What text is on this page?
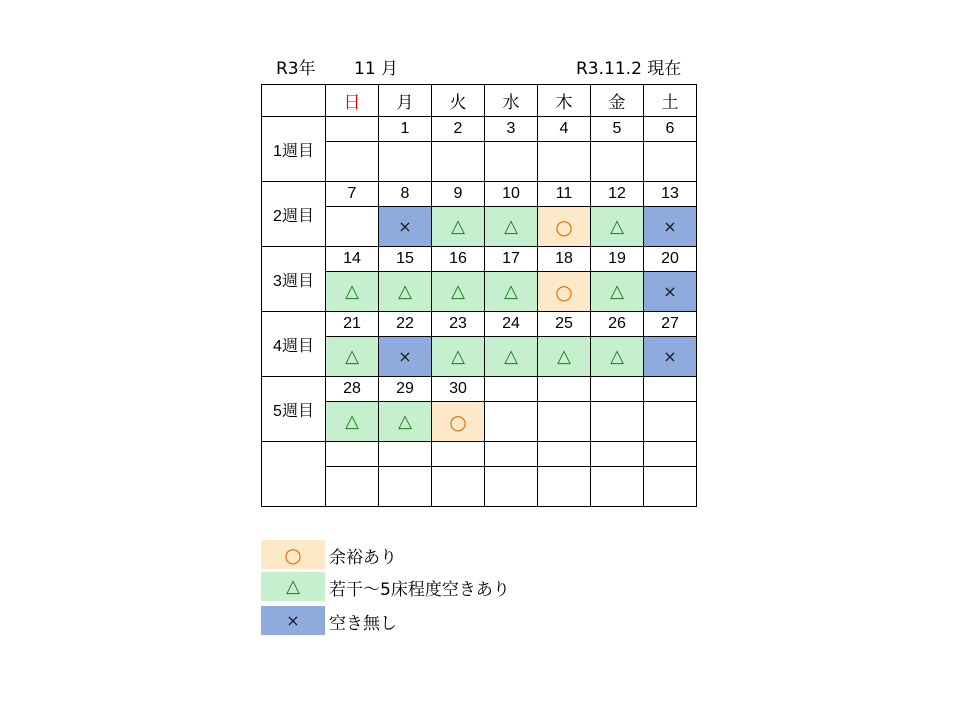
R3年 11 月	R3.11.2 現在
	日	月	火	水	木	金	土
1週目		1	2	3	4	5	6

2週目	7	8	9	10	11	12	13
		×	△	△	○	△	×
3週目	14	15	16	17	18	19	20
	△	△	△	△	○	△	×
4週目	21	22	23	24	25	26	27
	△	×	△	△	△	△	×
5週目	28	29	30				
	△	△	○				

○ 余裕あり
△ 若干～5床程度空きあり
× 空き無し
